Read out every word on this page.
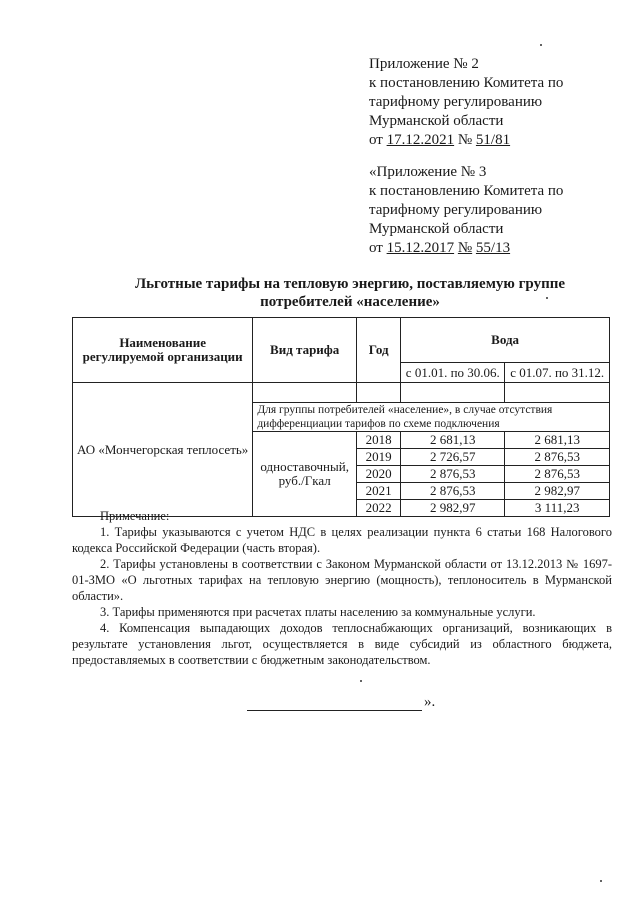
Приложение № 2
к постановлению Комитета по
тарифному регулированию
Мурманской области
от 17.12.2021 № 51/81
«Приложение № 3
к постановлению Комитета по
тарифному регулированию
Мурманской области
от 15.12.2017 № 55/13
Льготные тарифы на тепловую энергию, поставляемую группе
потребителей «население»
Наименование регулируемой организации	Вид тарифа	Год	Вода	
			с 01.01. по 30.06.	с 01.07. по 31.12.
АО «Мончегорская теплосеть»				
	Для группы потребителей «население», в случае отсутствия дифференциации тарифов по схеме подключения			
	одноставочный, руб./Гкал	2018	2 681,13	2 681,13
		2019	2 726,57	2 876,53
		2020	2 876,53	2 876,53
		2021	2 876,53	2 982,97
		2022	2 982,97	3 111,23

Примечание:

1. Тарифы указываются с учетом НДС в целях реализации пункта 6 статьи 168 Налогового кодекса Российской Федерации (часть вторая).

2. Тарифы установлены в соответствии с Законом Мурманской области от 13.12.2013 № 1697-01-ЗМО «О льготных тарифах на тепловую энергию (мощность), теплоноситель в Мурманской области».

3. Тарифы применяются при расчетах платы населению за коммунальные услуги.

4. Компенсация выпадающих доходов теплоснабжающих организаций, возникающих в результате установления льгот, осуществляется в виде субсидий из областного бюджета, предоставляемых в соответствии с бюджетным законодательством.

».
